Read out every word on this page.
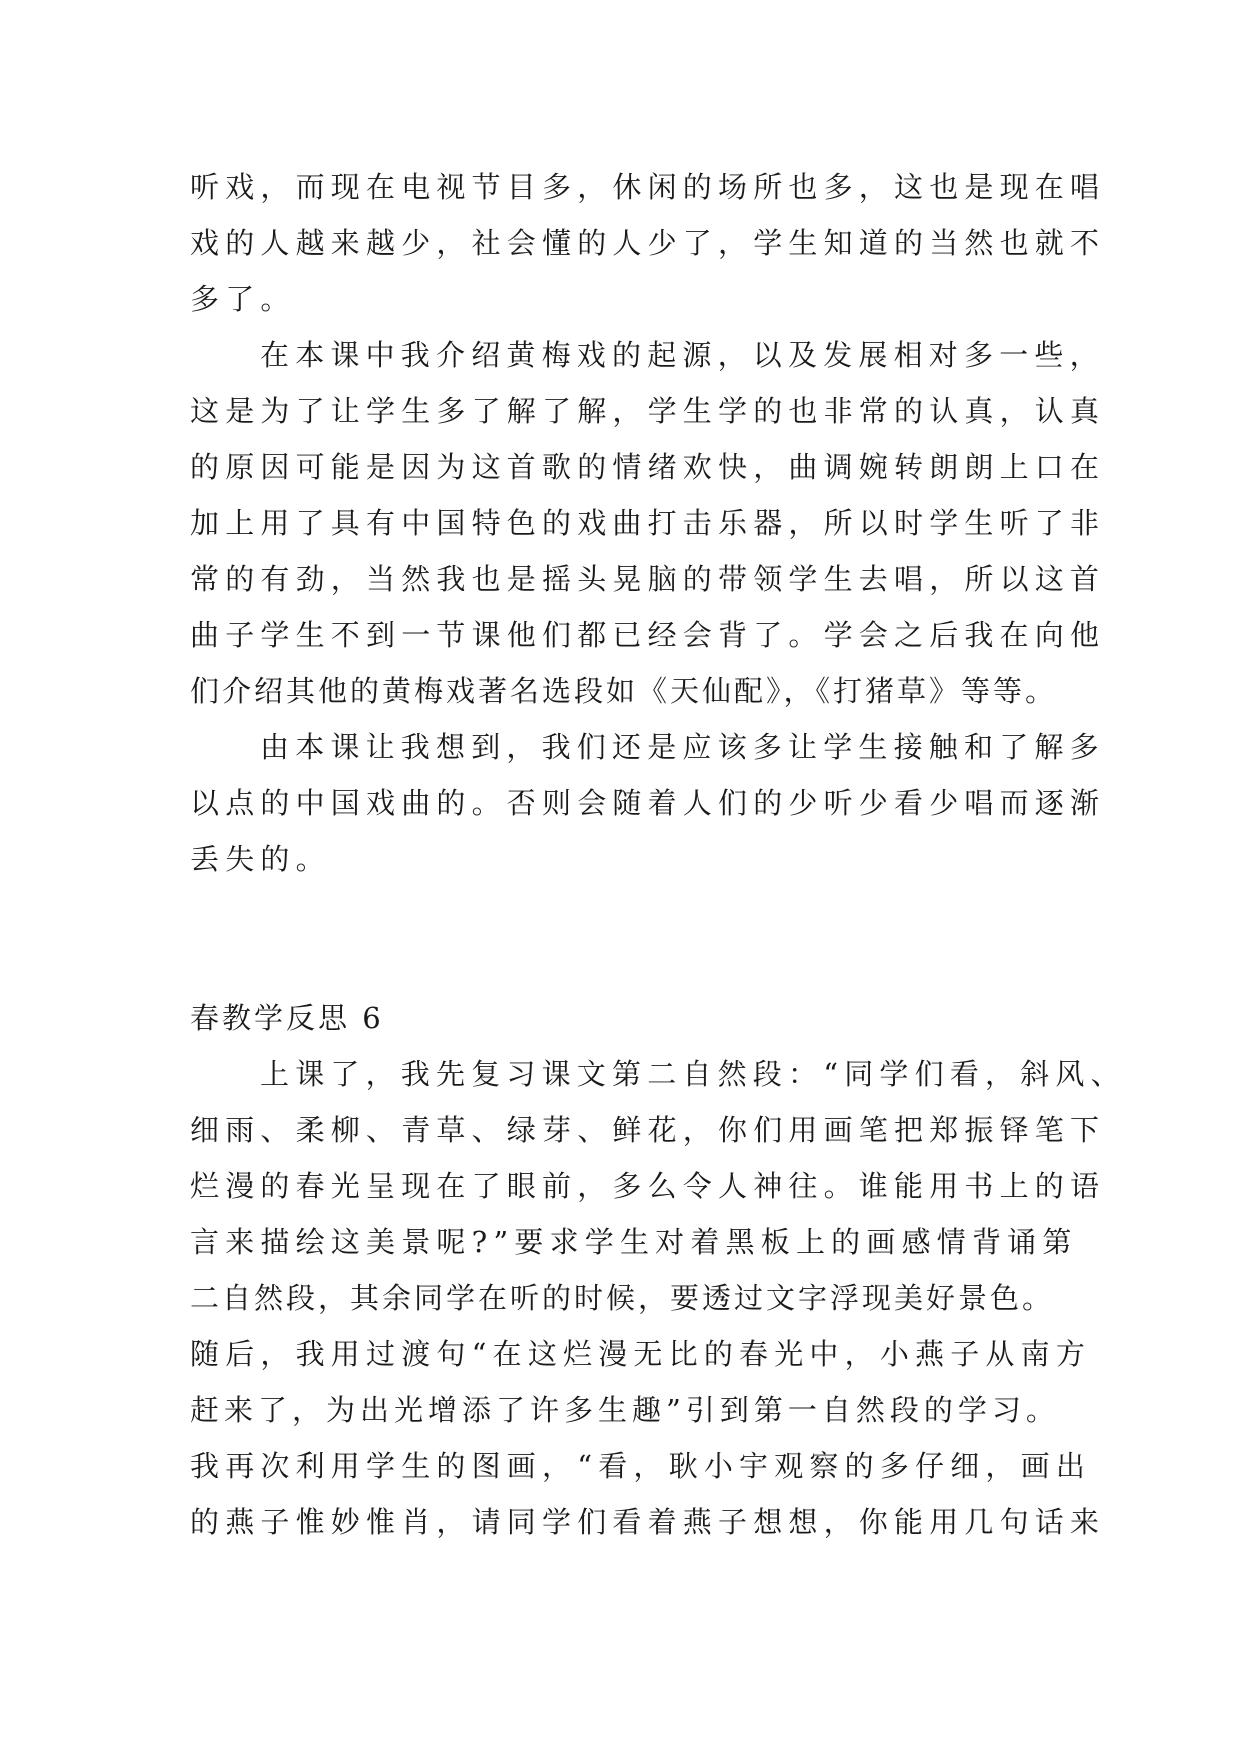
听戏，而现在电视节目多，休闲的场所也多，这也是现在唱
戏的人越来越少，社会懂的人少了，学生知道的当然也就不
多了。
在本课中我介绍黄梅戏的起源，以及发展相对多一些，
这是为了让学生多了解了解，学生学的也非常的认真，认真
的原因可能是因为这首歌的情绪欢快，曲调婉转朗朗上口在
加上用了具有中国特色的戏曲打击乐器，所以时学生听了非
常的有劲，当然我也是摇头晃脑的带领学生去唱，所以这首
曲子学生不到一节课他们都已经会背了。学会之后我在向他
们介绍其他的黄梅戏著名选段如《天仙配》，《打猪草》等等。
由本课让我想到，我们还是应该多让学生接触和了解多
以点的中国戏曲的。否则会随着人们的少听少看少唱而逐渐
丢失的。
春教学反思 6
上课了，我先复习课文第二自然段：“同学们看，斜风、
细雨、柔柳、青草、绿芽、鲜花，你们用画笔把郑振铎笔下
烂漫的春光呈现在了眼前，多么令人神往。谁能用书上的语
言来描绘这美景呢?”要求学生对着黑板上的画感情背诵第
二自然段，其余同学在听的时候，要透过文字浮现美好景色。
随后，我用过渡句“在这烂漫无比的春光中，小燕子从南方
赶来了，为出光增添了许多生趣”引到第一自然段的学习。
我再次利用学生的图画，“看，耿小宇观察的多仔细，画出
的燕子惟妙惟肖，请同学们看着燕子想想，你能用几句话来
